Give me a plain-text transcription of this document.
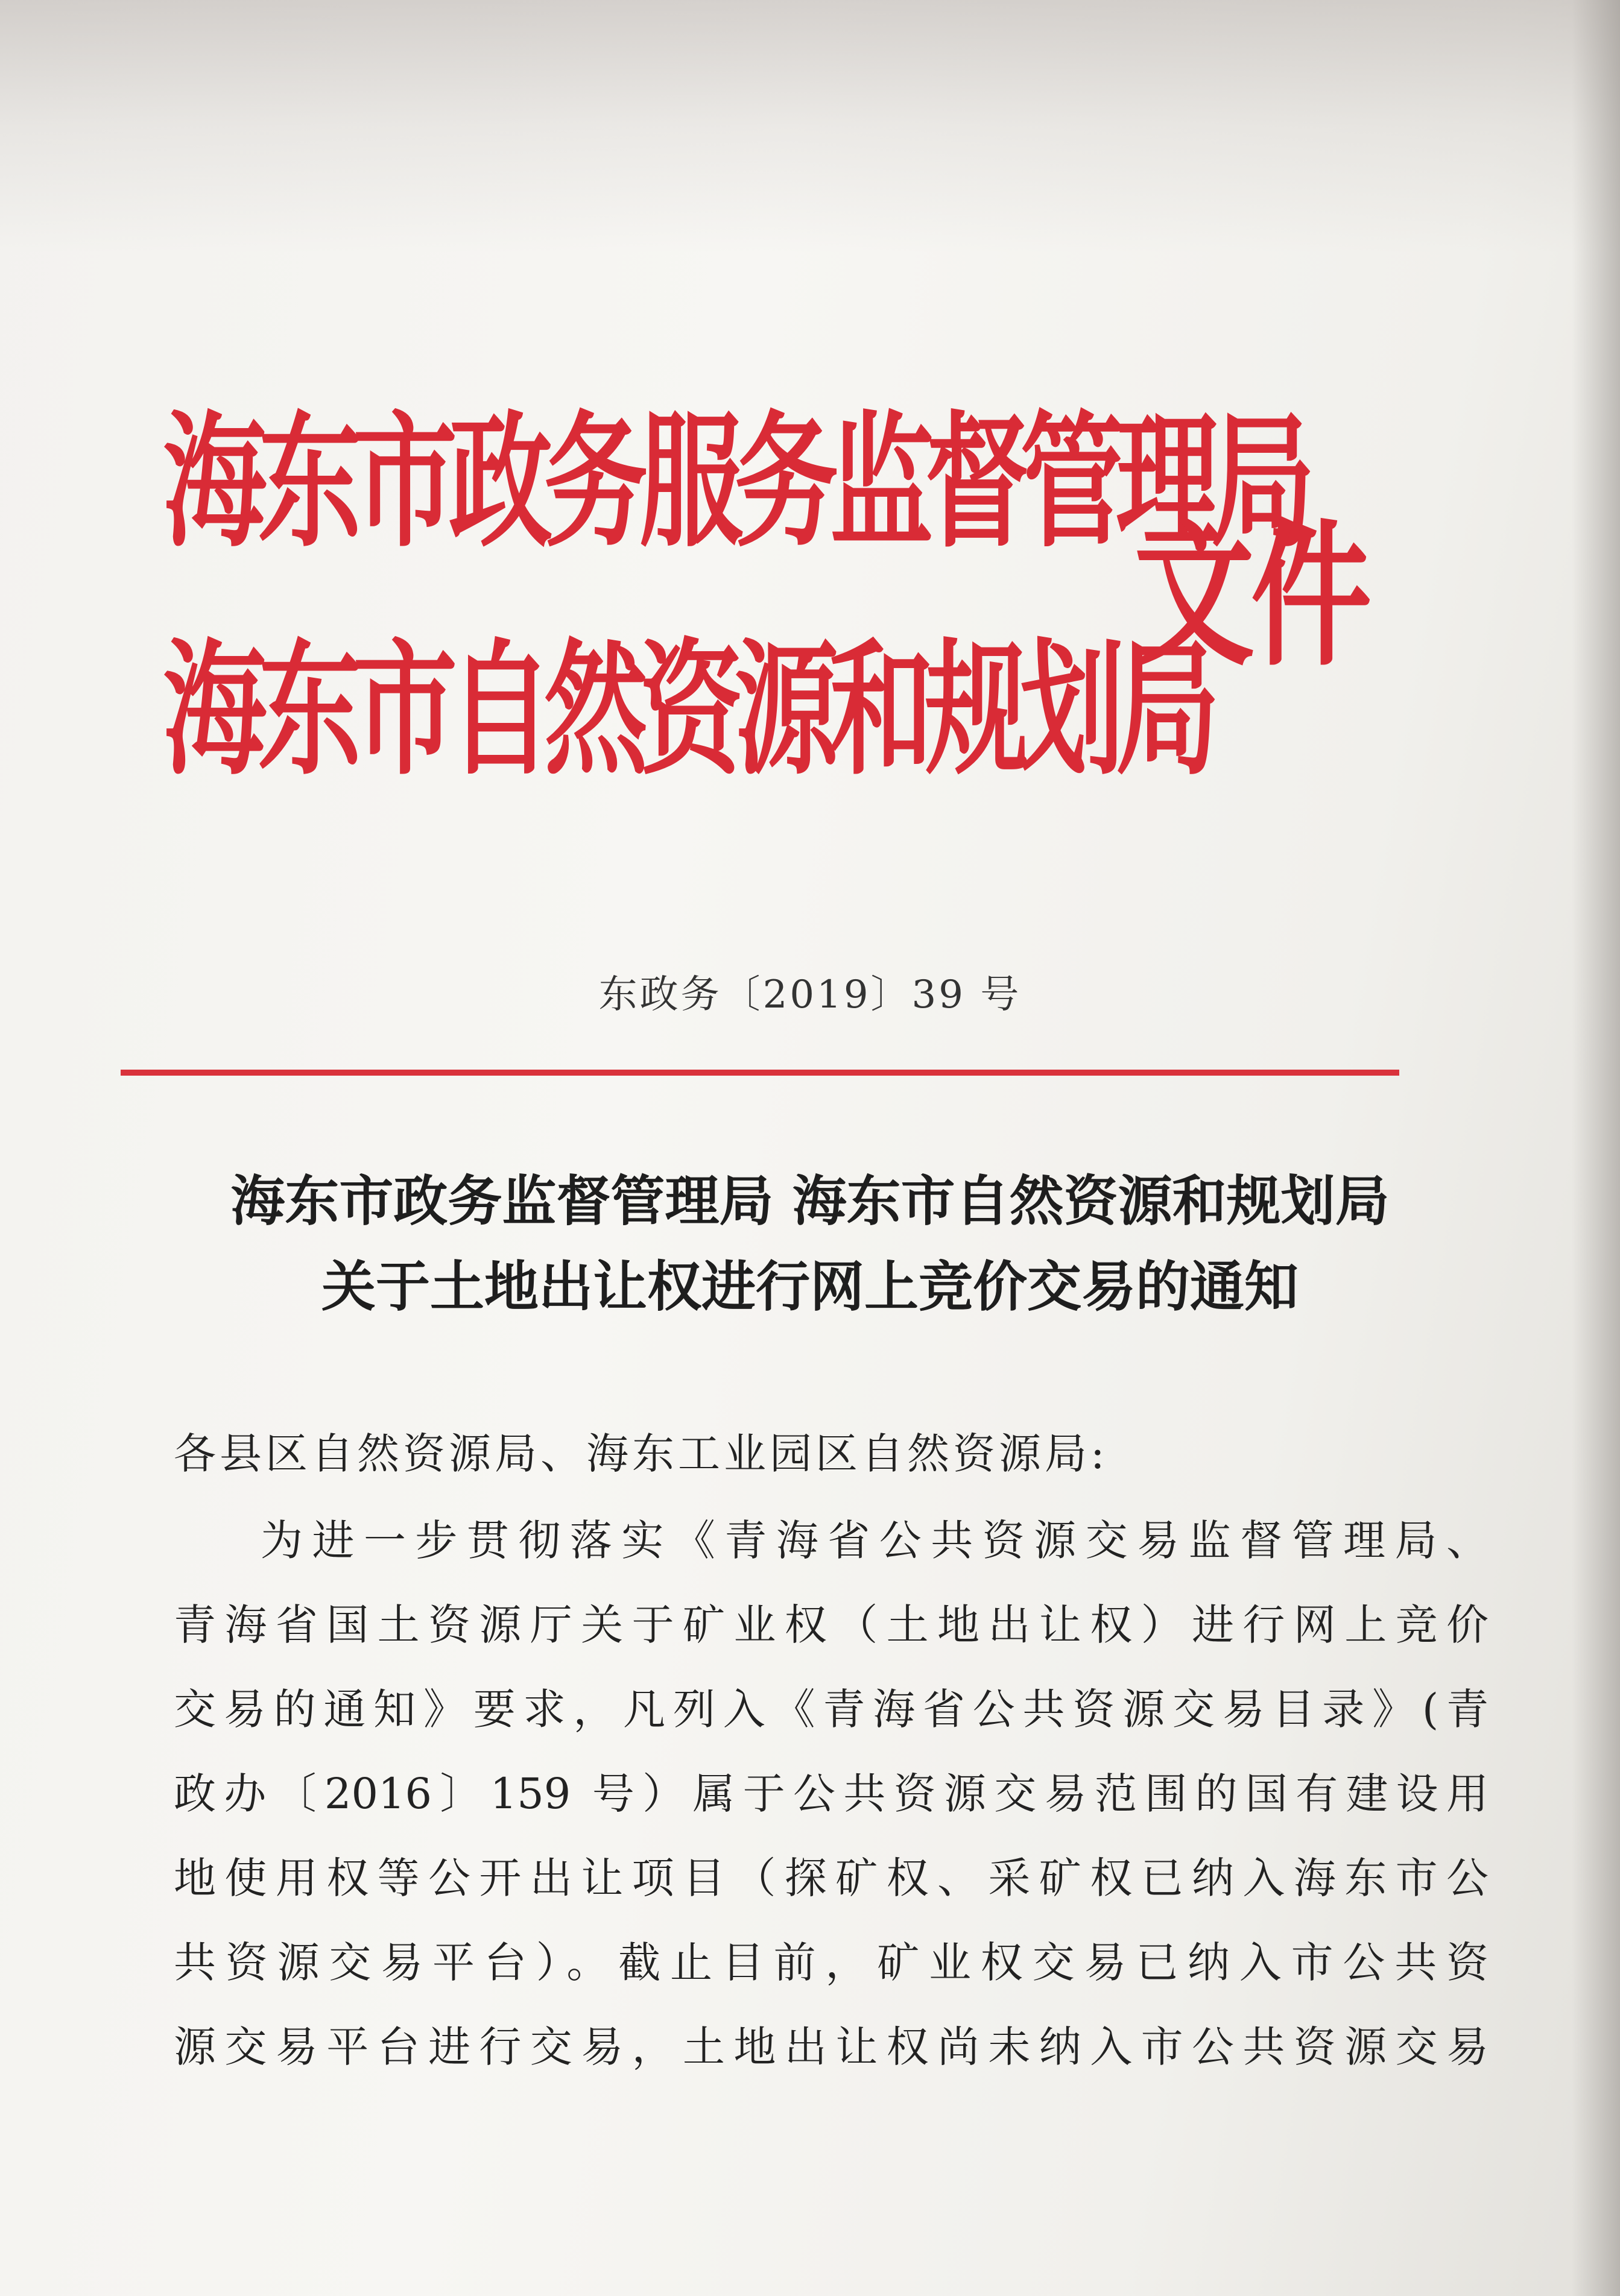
海东市政务服务监督管理局
海东市自然资源和规划局
文件
东政务〔2019〕39 号
海东市政务监督管理局 海东市自然资源和规划局
关于土地出让权进行网上竞价交易的通知

各县区自然资源局、海东工业园区自然资源局:

为进一步贯彻落实《青海省公共资源交易监督管理局、

青海省国土资源厅关于矿业权（土地出让权）进行网上竞价

交易的通知》要求，凡列入《青海省公共资源交易目录》(青

政办〔2016〕159 号）属于公共资源交易范围的国有建设用

地使用权等公开出让项目（探矿权、采矿权已纳入海东市公

共资源交易平台）。截止目前，矿业权交易已纳入市公共资

源交易平台进行交易，土地出让权尚未纳入市公共资源交易
